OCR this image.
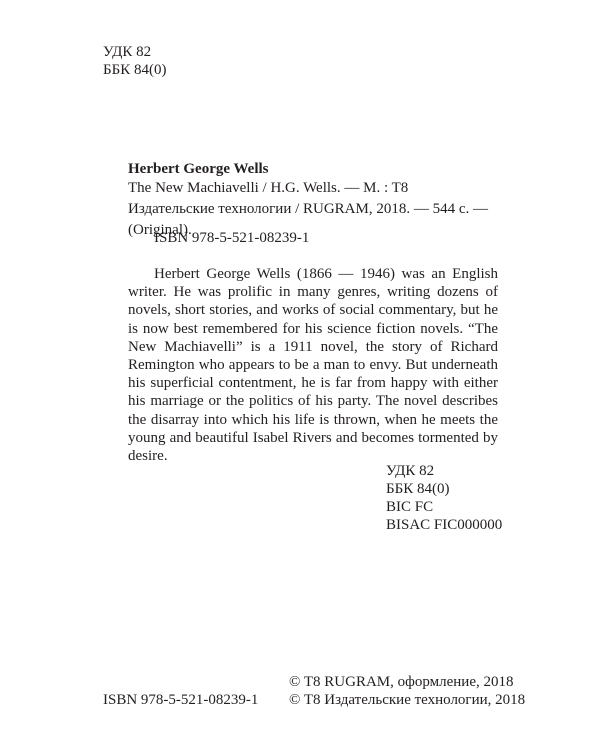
УДК 82
ББК 84(0)
Herbert George Wells
The New Machiavelli / H.G. Wells. — M. : T8 Издательские технологии / RUGRAM, 2018. — 544 с. — (Original).
ISBN 978-5-521-08239-1
Herbert George Wells (1866 — 1946) was an English writer. He was prolific in many genres, writing dozens of novels, short stories, and works of social commentary, but he is now best remembered for his science fiction novels. “The New Machiavelli” is a 1911 novel, the story of Richard Remington who appears to be a man to envy. But underneath his superficial contentment, he is far from happy with either his marriage or the politics of his party. The novel describes the disarray into which his life is thrown, when he meets the young and beautiful Isabel Rivers and becomes tormented by desire.
УДК 82
ББК 84(0)
BIC FC
BISAC FIC000000
ISBN 978-5-521-08239-1
© T8 RUGRAM, оформление, 2018
© T8 Издательские технологии, 2018
